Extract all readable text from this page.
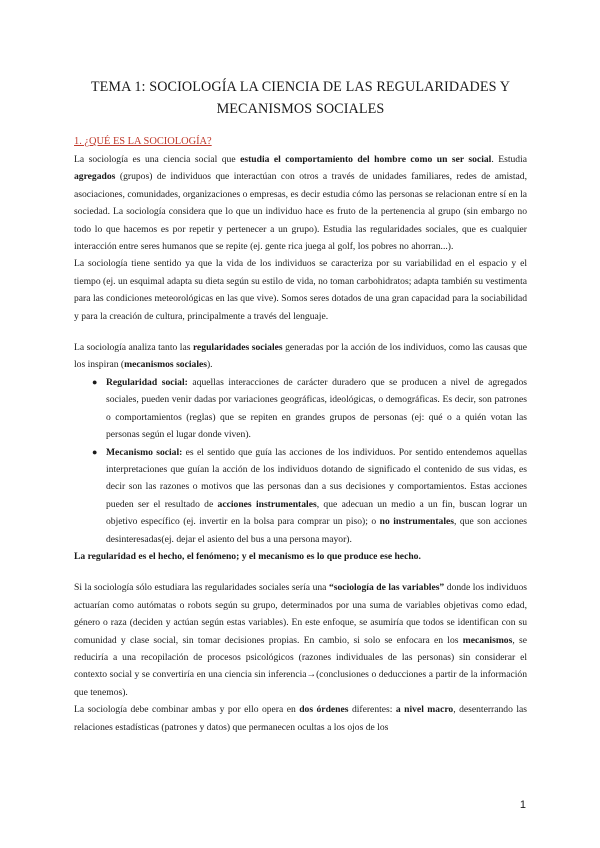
TEMA 1: SOCIOLOGÍA LA CIENCIA DE LAS REGULARIDADES Y
MECANISMOS SOCIALES
1. ¿QUÉ ES LA SOCIOLOGÍA?

La sociología es una ciencia social que estudia el comportamiento del hombre como un ser social. Estudia agregados (grupos) de individuos que interactúan con otros a través de unidades familiares, redes de amistad, asociaciones, comunidades, organizaciones o empresas, es decir estudia cómo las personas se relacionan entre sí en la sociedad. La sociología considera que lo que un individuo hace es fruto de la pertenencia al grupo (sin embargo no todo lo que hacemos es por repetir y pertenecer a un grupo). Estudia las regularidades sociales, que es cualquier interacción entre seres humanos que se repite (ej. gente rica juega al golf, los pobres no ahorran...).

La sociología tiene sentido ya que la vida de los individuos se caracteriza por su variabilidad en el espacio y el tiempo (ej. un esquimal adapta su dieta según su estilo de vida, no toman carbohidratos; adapta también su vestimenta para las condiciones meteorológicas en las que vive). Somos seres dotados de una gran capacidad para la sociabilidad y para la creación de cultura, principalmente a través del lenguaje.

La sociología analiza tanto las regularidades sociales generadas por la acción de los individuos, como las causas que los inspiran (mecanismos sociales).

● Regularidad social: aquellas interacciones de carácter duradero que se producen a nivel de agregados sociales, pueden venir dadas por variaciones geográficas, ideológicas, o demográficas. Es decir, son patrones o comportamientos (reglas) que se repiten en grandes grupos de personas (ej: qué o a quién votan las personas según el lugar donde viven).
● Mecanismo social: es el sentido que guía las acciones de los individuos. Por sentido entendemos aquellas interpretaciones que guían la acción de los individuos dotando de significado el contenido de sus vidas, es decir son las razones o motivos que las personas dan a sus decisiones y comportamientos. Estas acciones pueden ser el resultado de acciones instrumentales, que adecuan un medio a un fin, buscan lograr un objetivo específico (ej. invertir en la bolsa para comprar un piso); o no instrumentales, que son acciones desinteresadas(ej. dejar el asiento del bus a una persona mayor).

La regularidad es el hecho, el fenómeno; y el mecanismo es lo que produce ese hecho.

Si la sociología sólo estudiara las regularidades sociales sería una “sociología de las variables” donde los individuos actuarían como autómatas o robots según su grupo, determinados por una suma de variables objetivas como edad, género o raza (deciden y actúan según estas variables). En este enfoque, se asumiría que todos se identifican con su comunidad y clase social, sin tomar decisiones propias. En cambio, si solo se enfocara en los mecanismos, se reduciría a una recopilación de procesos psicológicos (razones individuales de las personas) sin considerar el contexto social y se convertiría en una ciencia sin inferencia→(conclusiones o deducciones a partir de la información que tenemos).

La sociología debe combinar ambas y por ello opera en dos órdenes diferentes: a nivel macro, desenterrando las relaciones estadísticas (patrones y datos) que permanecen ocultas a los ojos de los

1
